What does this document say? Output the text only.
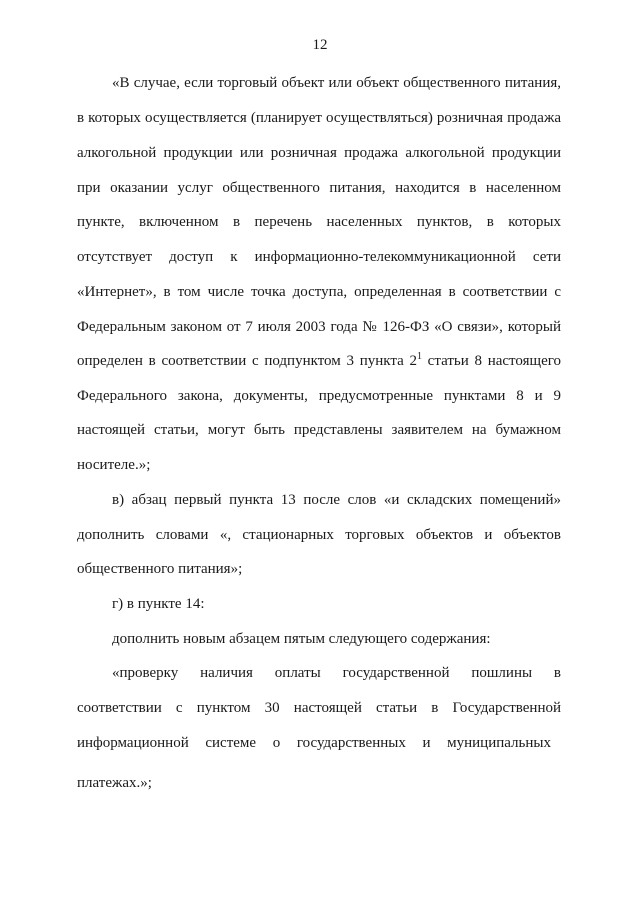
12
«В случае, если торговый объект или объект общественного питания,
в которых осуществляется (планирует осуществляться) розничная продажа
алкогольной продукции или розничная продажа алкогольной продукции
при оказании услуг общественного питания, находится в населенном
пункте, включенном в перечень населенных пунктов, в которых
отсутствует доступ к информационно-телекоммуникационной сети
«Интернет», в том числе точка доступа, определенная в соответствии с
Федеральным законом от 7 июля 2003 года № 126-ФЗ «О связи», который
определен в соответствии с подпунктом 3 пункта $2^1$ статьи 8 настоящего
Федерального закона, документы, предусмотренные пунктами 8 и 9
настоящей статьи, могут быть представлены заявителем на бумажном
носителе.»;
в) абзац первый пункта 13 после слов «и складских помещений»
дополнить словами «, стационарных торговых объектов и объектов
общественного питания»;
г) в пункте 14:
дополнить новым абзацем пятым следующего содержания:
«проверку наличия оплаты государственной пошлины в
соответствии с пунктом 30 настоящей статьи в Государственной
информационной системе о государственных и муниципальных
платежах.»;
